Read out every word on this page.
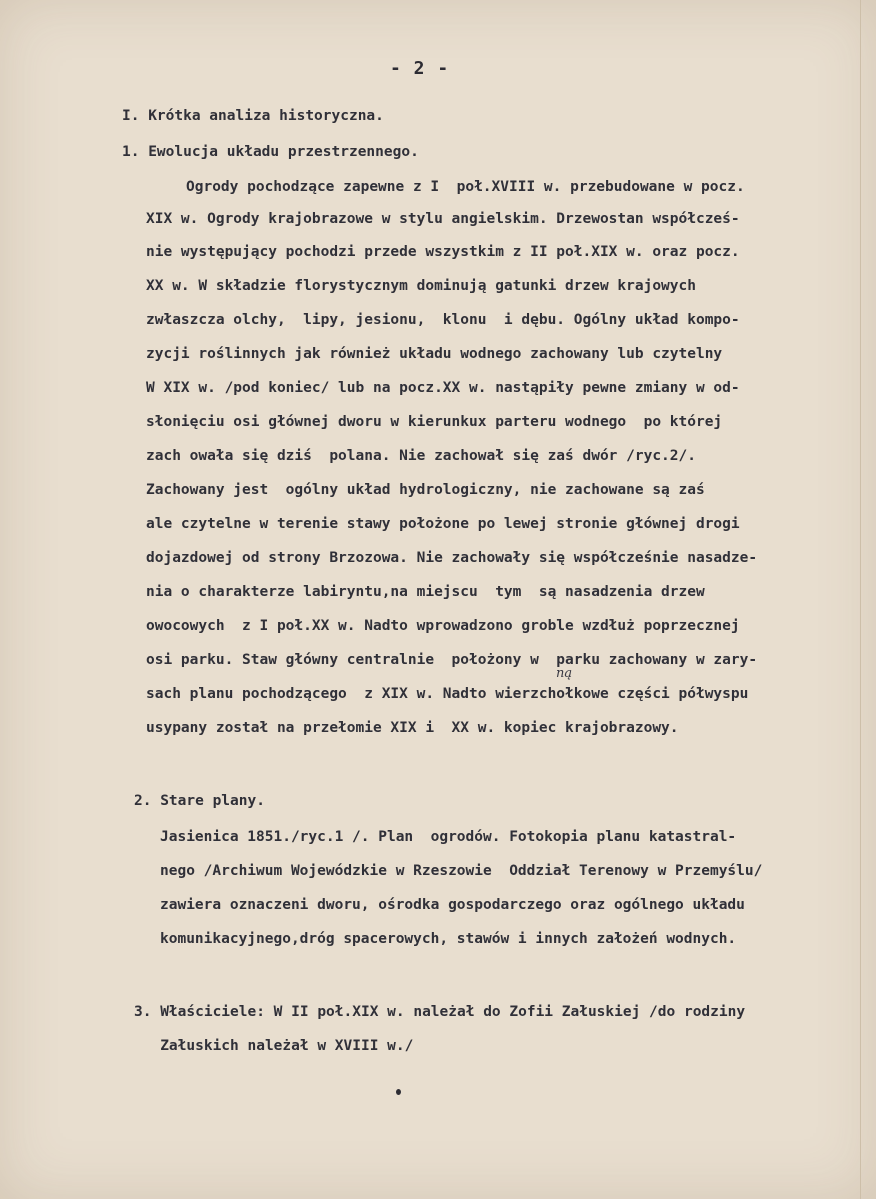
- 2 -
I. Krótka analiza historyczna.
1. Ewolucja układu przestrzennego.
Ogrody pochodzące zapewne z I  poł.XVIII w. przebudowane w pocz.
XIX w. Ogrody krajobrazowe w stylu angielskim. Drzewostan współcześ-
nie występujący pochodzi przede wszystkim z II poł.XIX w. oraz pocz.
XX w. W składzie florystycznym dominują gatunki drzew krajowych
zwłaszcza olchy,  lipy, jesionu,  klonu  i dębu. Ogólny układ kompo-
zycji roślinnych jak również układu wodnego zachowany lub czytelny
W XIX w. /pod koniec/ lub na pocz.XX w. nastąpiły pewne zmiany w od-
słonięciu osi głównej dworu w kierunkux parteru wodnego  po której
zach owała się dziś  polana. Nie zachował się zaś dwór /ryc.2/.
Zachowany jest  ogólny układ hydrologiczny, nie zachowane są zaś
ale czytelne w terenie stawy położone po lewej stronie głównej drogi
dojazdowej od strony Brzozowa. Nie zachowały się współcześnie nasadze-
nia o charakterze labiryntu,na miejscu  tym  są nasadzenia drzew
owocowych  z I poł.XX w. Nadto wprowadzono groble wzdłuż poprzecznej
osi parku. Staw główny centralnie  położony w  parku zachowany w zary-
ną
sach planu pochodzącego  z XIX w. Nadto wierzchołkowe części półwyspu
usypany został na przełomie XIX i  XX w. kopiec krajobrazowy.
2. Stare plany.
Jasienica 1851./ryc.1 /. Plan  ogrodów. Fotokopia planu katastral-
nego /Archiwum Wojewódzkie w Rzeszowie  Oddział Terenowy w Przemyślu/
zawiera oznaczeni dworu, ośrodka gospodarczego oraz ogólnego układu
komunikacyjnego,dróg spacerowych, stawów i innych założeń wodnych.
3. Właściciele: W II poł.XIX w. należał do Zofii Załuskiej /do rodziny
Załuskich należał w XVIII w./
